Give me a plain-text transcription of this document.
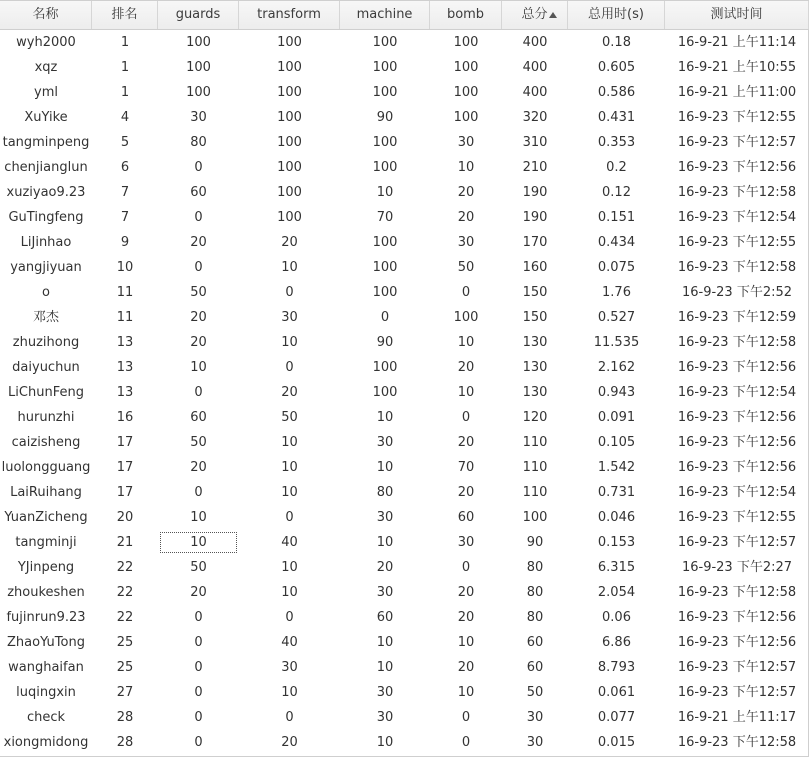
名称	排名	guards	transform	machine	bomb	总分	总用时(s)	测试时间
wyh2000	1	100	100	100	100	400	0.18	16-9-21 上午11:14
xqz	1	100	100	100	100	400	0.605	16-9-21 上午10:55
yml	1	100	100	100	100	400	0.586	16-9-21 上午11:00
XuYike	4	30	100	90	100	320	0.431	16-9-23 下午12:55
tangminpeng	5	80	100	100	30	310	0.353	16-9-23 下午12:57
chenjianglun	6	0	100	100	10	210	0.2	16-9-23 下午12:56
xuziyao9.23	7	60	100	10	20	190	0.12	16-9-23 下午12:58
GuTingfeng	7	0	100	70	20	190	0.151	16-9-23 下午12:54
LiJinhao	9	20	20	100	30	170	0.434	16-9-23 下午12:55
yangjiyuan	10	0	10	100	50	160	0.075	16-9-23 下午12:58
o	11	50	0	100	0	150	1.76	16-9-23 下午2:52
邓杰	11	20	30	0	100	150	0.527	16-9-23 下午12:59
zhuzihong	13	20	10	90	10	130	11.535	16-9-23 下午12:58
daiyuchun	13	10	0	100	20	130	2.162	16-9-23 下午12:56
LiChunFeng	13	0	20	100	10	130	0.943	16-9-23 下午12:54
hurunzhi	16	60	50	10	0	120	0.091	16-9-23 下午12:56
caizisheng	17	50	10	30	20	110	0.105	16-9-23 下午12:56
luolongguang	17	20	10	10	70	110	1.542	16-9-23 下午12:56
LaiRuihang	17	0	10	80	20	110	0.731	16-9-23 下午12:54
YuanZicheng	20	10	0	30	60	100	0.046	16-9-23 下午12:55
tangminji	21	10	40	10	30	90	0.153	16-9-23 下午12:57
YJinpeng	22	50	10	20	0	80	6.315	16-9-23 下午2:27
zhoukeshen	22	20	10	30	20	80	2.054	16-9-23 下午12:58
fujinrun9.23	22	0	0	60	20	80	0.06	16-9-23 下午12:56
ZhaoYuTong	25	0	40	10	10	60	6.86	16-9-23 下午12:56
wanghaifan	25	0	30	10	20	60	8.793	16-9-23 下午12:57
luqingxin	27	0	10	30	10	50	0.061	16-9-23 下午12:57
check	28	0	0	30	0	30	0.077	16-9-21 上午11:17
xiongmidong	28	0	20	10	0	30	0.015	16-9-23 下午12:58
